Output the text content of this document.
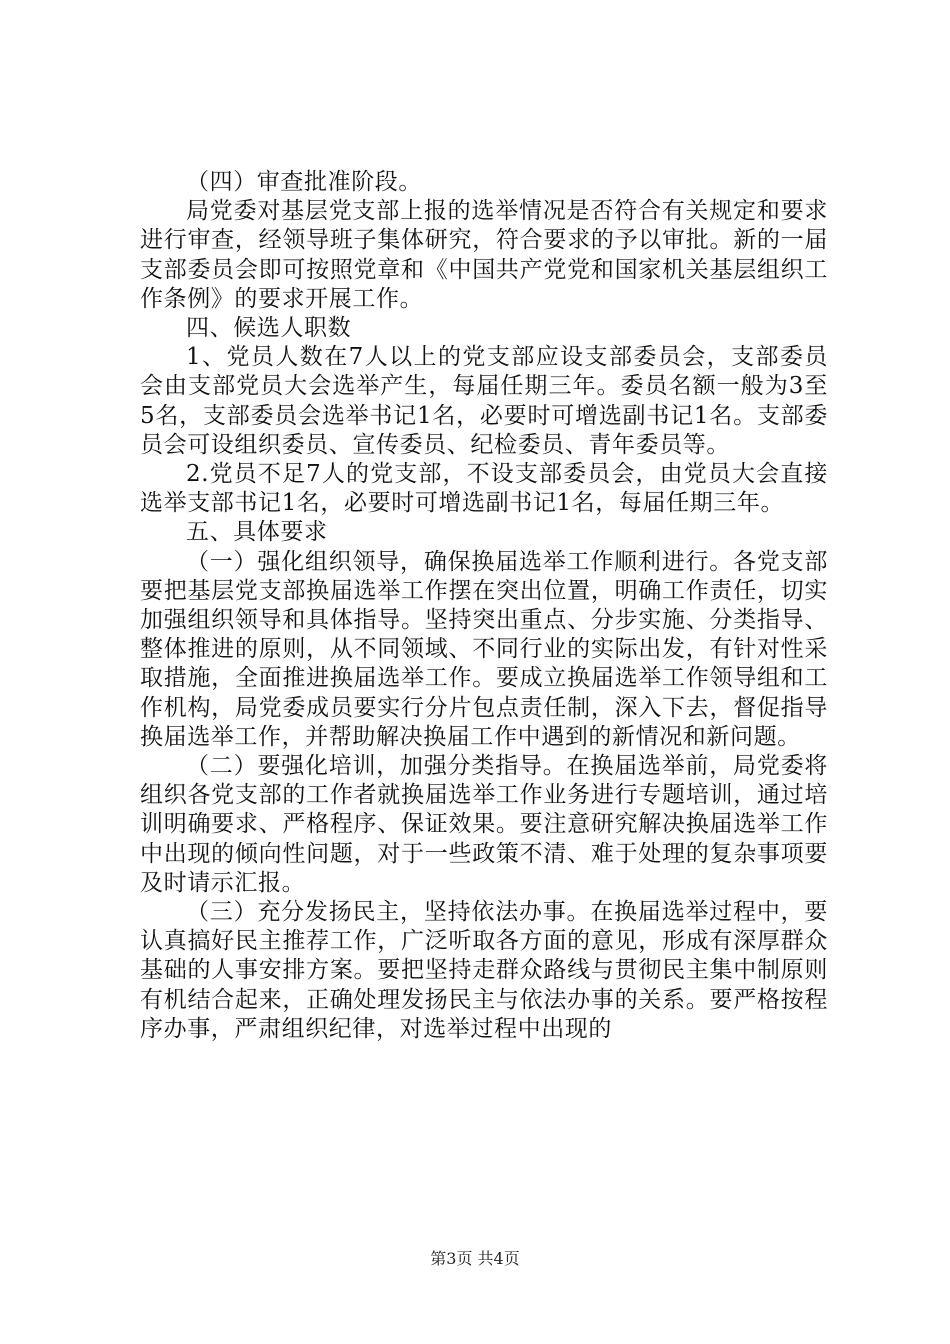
（四）审查批准阶段。

局党委对基层党支部上报的选举情况是否符合有关规定和要求进行审查，经领导班子集体研究，符合要求的予以审批。新的一届支部委员会即可按照党章和《中国共产党党和国家机关基层组织工作条例》的要求开展工作。

四、候选人职数

1、党员人数在7人以上的党支部应设支部委员会，支部委员会由支部党员大会选举产生，每届任期三年。委员名额一般为3至5名，支部委员会选举书记1名，必要时可增选副书记1名。支部委员会可设组织委员、宣传委员、纪检委员、青年委员等。

2.党员不足7人的党支部，不设支部委员会，由党员大会直接选举支部书记1名，必要时可增选副书记1名，每届任期三年。

五、具体要求

（一）强化组织领导，确保换届选举工作顺利进行。各党支部要把基层党支部换届选举工作摆在突出位置，明确工作责任，切实加强组织领导和具体指导。坚持突出重点、分步实施、分类指导、整体推进的原则，从不同领域、不同行业的实际出发，有针对性采取措施，全面推进换届选举工作。要成立换届选举工作领导组和工作机构，局党委成员要实行分片包点责任制，深入下去，督促指导换届选举工作，并帮助解决换届工作中遇到的新情况和新问题。

（二）要强化培训，加强分类指导。在换届选举前，局党委将组织各党支部的工作者就换届选举工作业务进行专题培训，通过培训明确要求、严格程序、保证效果。要注意研究解决换届选举工作中出现的倾向性问题，对于一些政策不清、难于处理的复杂事项要及时请示汇报。

（三）充分发扬民主，坚持依法办事。在换届选举过程中，要认真搞好民主推荐工作，广泛听取各方面的意见，形成有深厚群众基础的人事安排方案。要把坚持走群众路线与贯彻民主集中制原则有机结合起来，正确处理发扬民主与依法办事的关系。要严格按程序办事，严肃组织纪律，对选举过程中出现的

第3页 共4页
